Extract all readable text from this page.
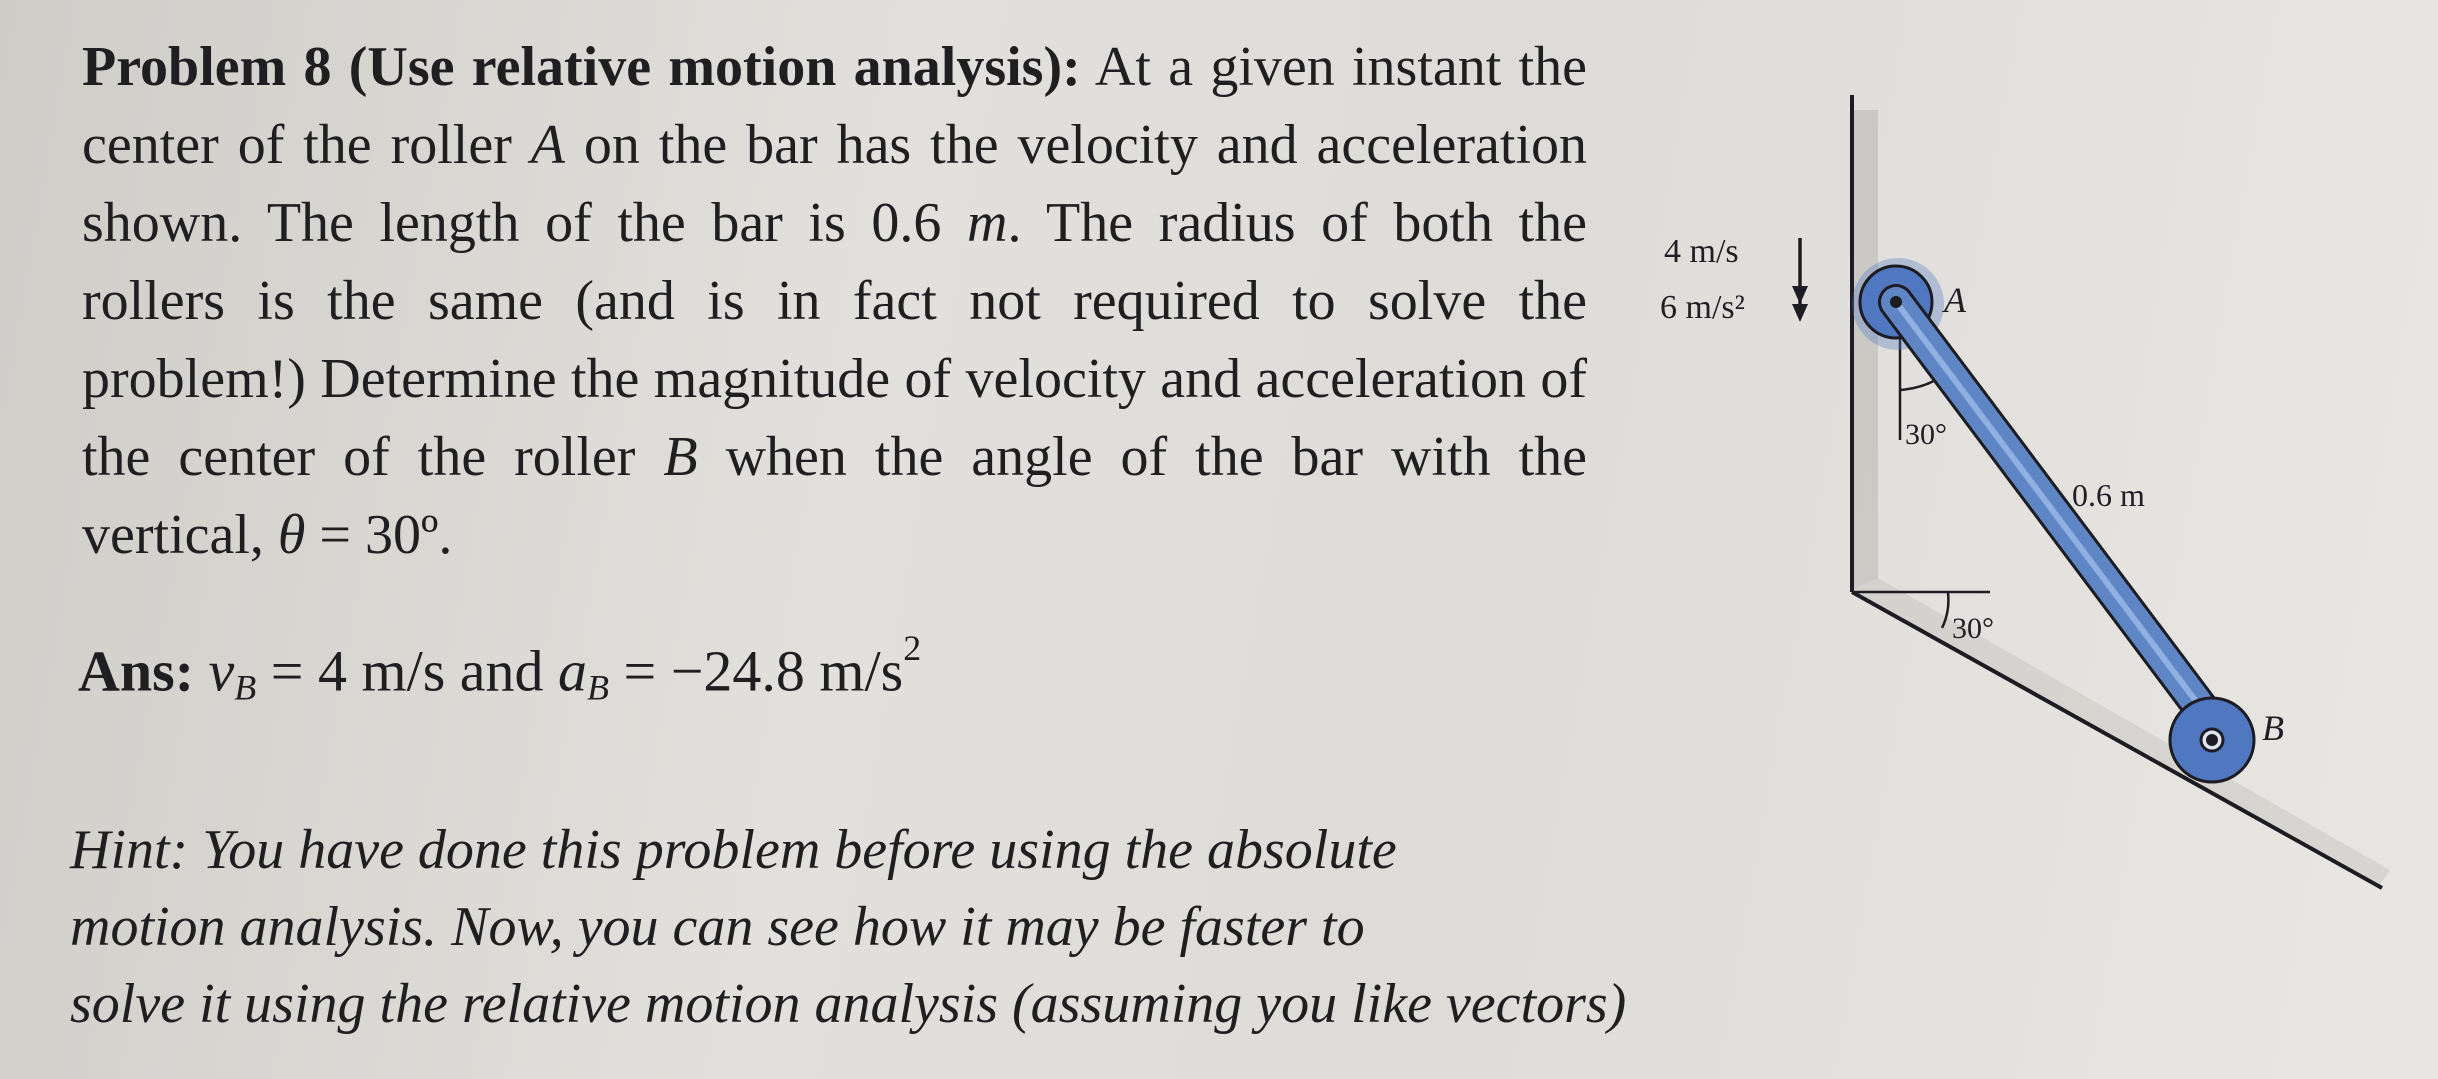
Problem 8 (Use relative motion analysis): At a given instant the center of the roller A on the bar has the velocity and acceleration shown. The length of the bar is 0.6 m. The radius of both the rollers is the same (and is in fact not required to solve the problem!) Determine the magnitude of velocity and acceleration of the center of the roller B when the angle of the bar with the vertical, θ = 30º.

Ans: $v_B = 4$ m/s and $a_B = -24.8$ $m/s^2$
Hint: You have done this problem before using the absolute
motion analysis. Now, you can see how it may be faster to
solve it using the relative motion analysis (assuming you like vectors)
4 m/s
6 m/s²	A
B
30°
30°
0.6 m
